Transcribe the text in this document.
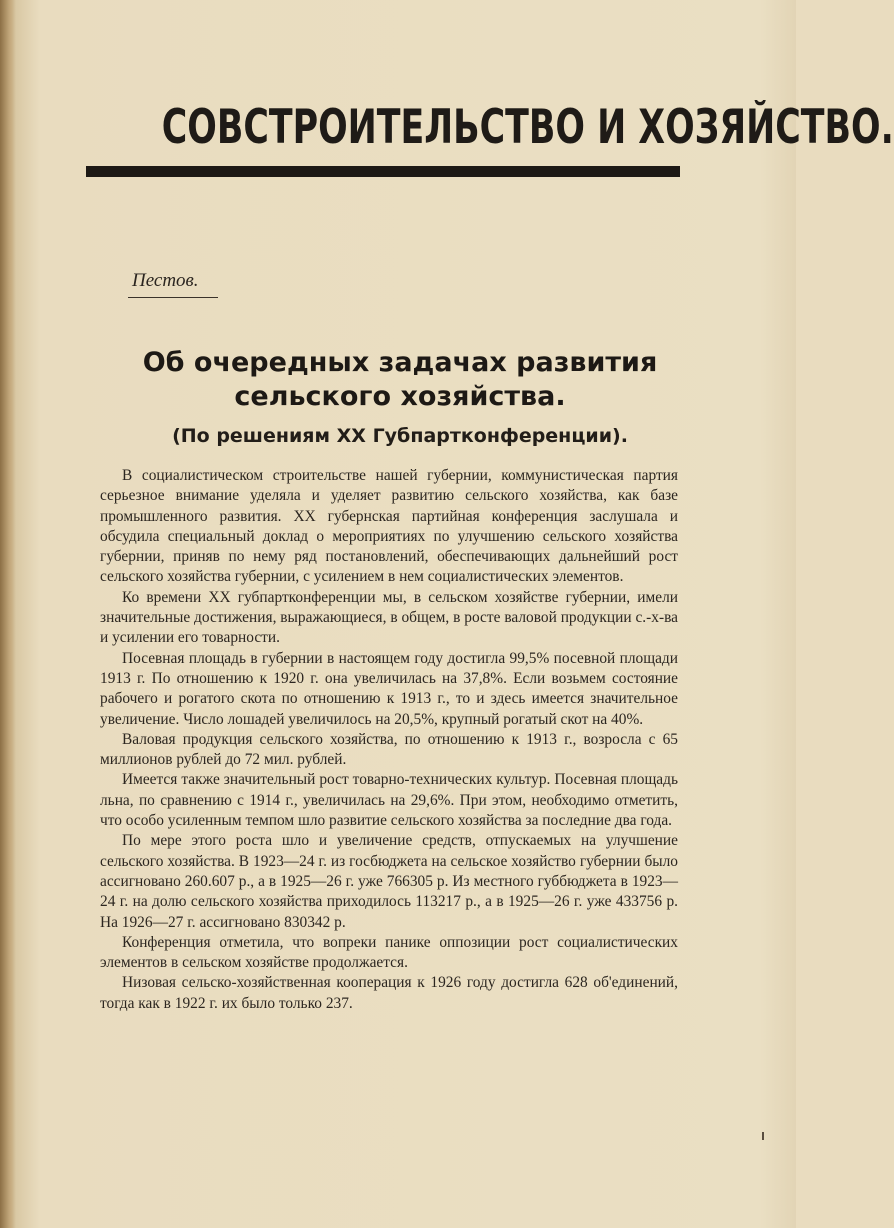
СОВСТРОИТЕЛЬСТВО И ХОЗЯЙСТВО.
Пестов.
Об очередных задачах развития сельского хозяйства.
(По решениям XX Губпартконференции).

В социалистическом строительстве нашей губернии, коммунистическая партия серьезное внимание уделяла и уделяет развитию сельского хозяйства, как базе промышленного развития. XX губернская партийная конференция заслушала и обсудила специальный доклад о мероприятиях по улучшению сельского хозяйства губернии, приняв по нему ряд постановлений, обеспечивающих дальнейший рост сельского хозяйства губернии, с усилением в нем социалистических элементов.

Ко времени XX губпартконференции мы, в сельском хозяйстве губернии, имели значительные достижения, выражающиеся, в общем, в росте валовой продукции с.-х-ва и усилении его товарности.

Посевная площадь в губернии в настоящем году достигла 99,5% посевной площади 1913 г. По отношению к 1920 г. она увеличилась на 37,8%. Если возьмем состояние рабочего и рогатого скота по отношению к 1913 г., то и здесь имеется значительное увеличение. Число лошадей увеличилось на 20,5%, крупный рогатый скот на 40%.

Валовая продукция сельского хозяйства, по отношению к 1913 г., возросла с 65 миллионов рублей до 72 мил. рублей.

Имеется также значительный рост товарно-технических культур. Посевная площадь льна, по сравнению с 1914 г., увеличилась на 29,6%. При этом, необходимо отметить, что особо усиленным темпом шло развитие сельского хозяйства за последние два года.

По мере этого роста шло и увеличение средств, отпускаемых на улучшение сельского хозяйства. В 1923—24 г. из госбюджета на сельское хозяйство губернии было ассигновано 260.607 р., а в 1925—26 г. уже 766305 р. Из местного губбюджета в 1923—24 г. на долю сельского хозяйства приходилось 113217 р., а в 1925—26 г. уже 433756 р. На 1926—27 г. ассигновано 830342 р.

Конференция отметила, что вопреки панике оппозиции рост социалистических элементов в сельском хозяйстве продолжается.

Низовая сельско-хозяйственная кооперация к 1926 году достигла 628 об'единений, тогда как в 1922 г. их было только 237.
